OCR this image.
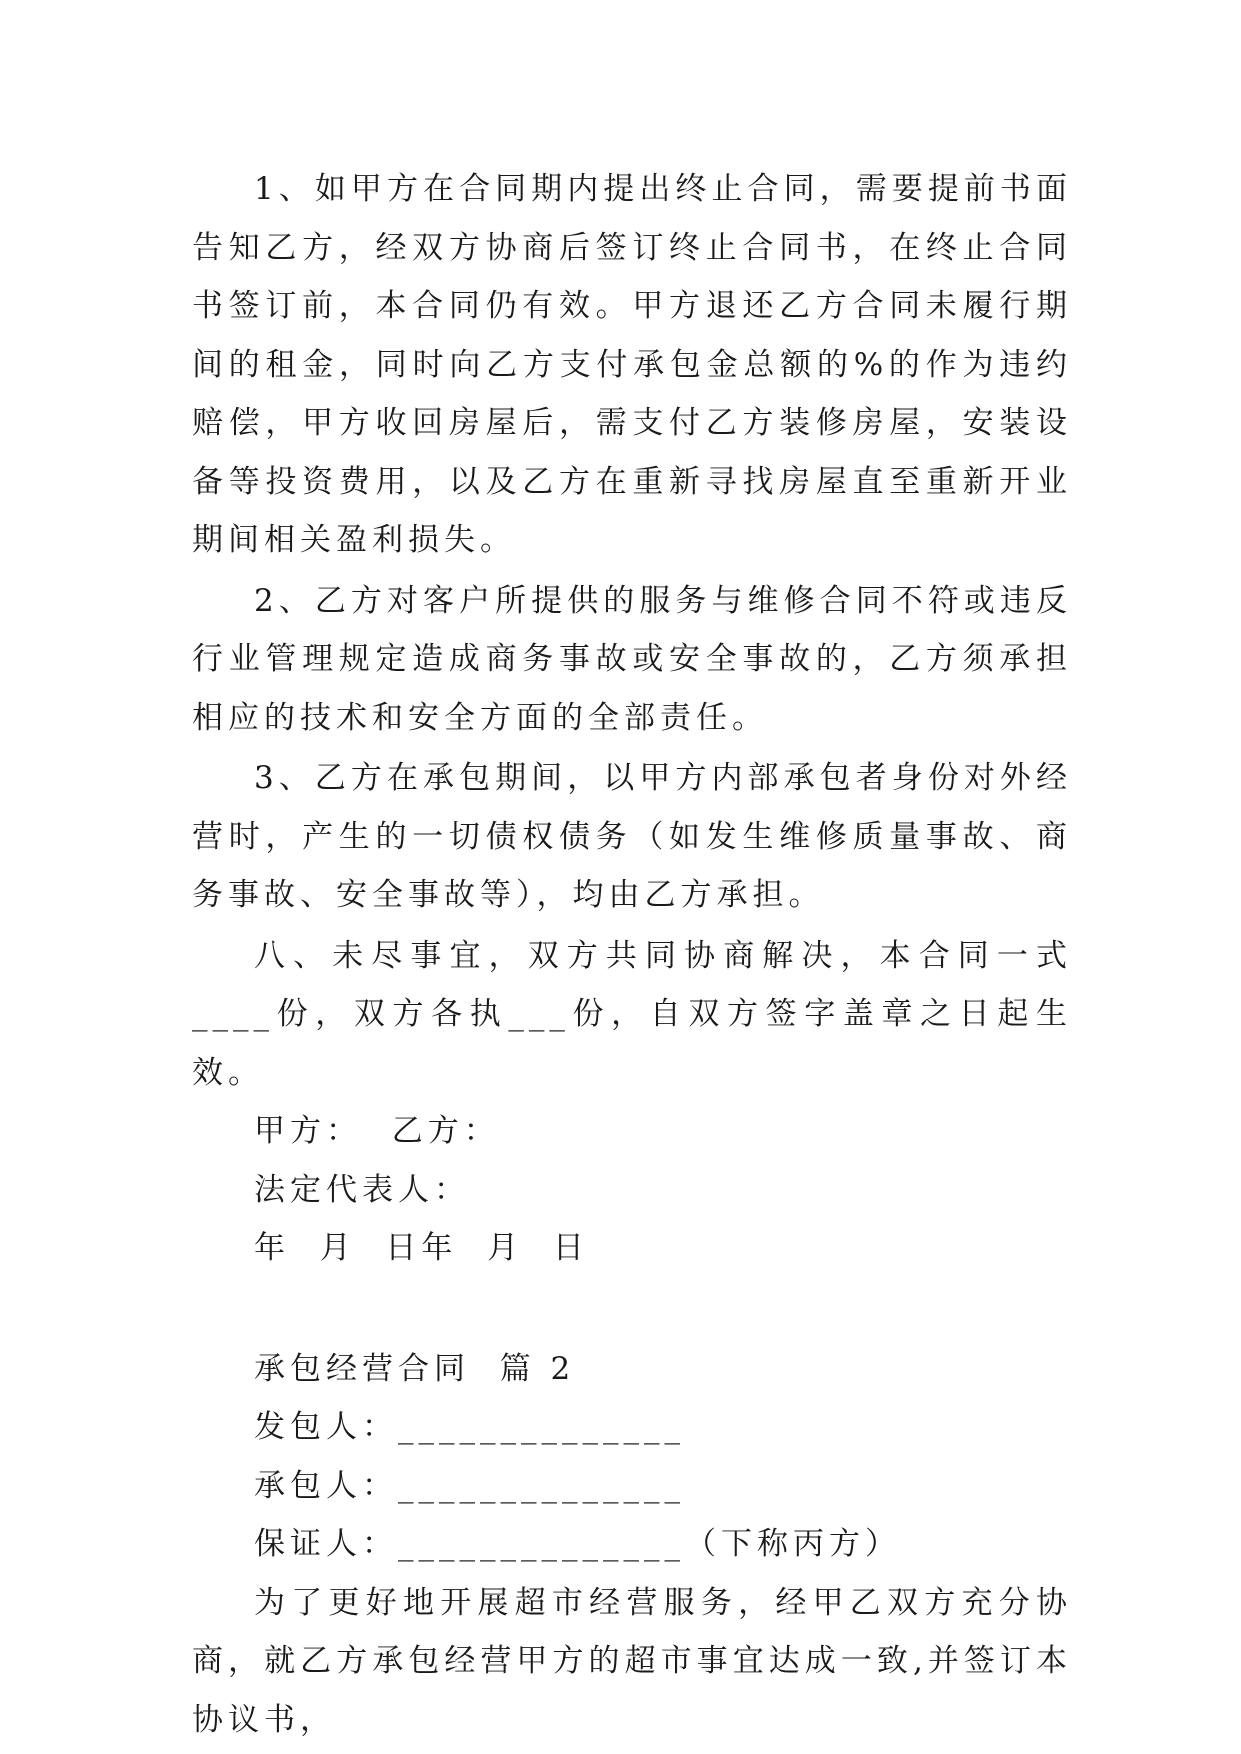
1、如甲方在合同期内提出终止合同，需要提前书面告知乙方，经双方协商后签订终止合同书，在终止合同书签订前，本合同仍有效。甲方退还乙方合同未履行期间的租金，同时向乙方支付承包金总额的%的作为违约赔偿，甲方收回房屋后，需支付乙方装修房屋，安装设备等投资费用，以及乙方在重新寻找房屋直至重新开业期间相关盈利损失。

2、乙方对客户所提供的服务与维修合同不符或违反行业管理规定造成商务事故或安全事故的，乙方须承担相应的技术和安全方面的全部责任。

3、乙方在承包期间，以甲方内部承包者身份对外经营时，产生的一切债权债务（如发生维修质量事故、商务事故、安全事故等），均由乙方承担。

八、未尽事宜，双方共同协商解决，本合同一式____份，双方各执___份，自双方签字盖章之日起生效。

甲方：  乙方：

法定代表人：

年  月  日年  月  日

承包经营合同  篇 2

发包人：______________

承包人：______________

保证人：______________（下称丙方）

为了更好地开展超市经营服务，经甲乙双方充分协商，就乙方承包经营甲方的超市事宜达成一致,并签订本协议书，
